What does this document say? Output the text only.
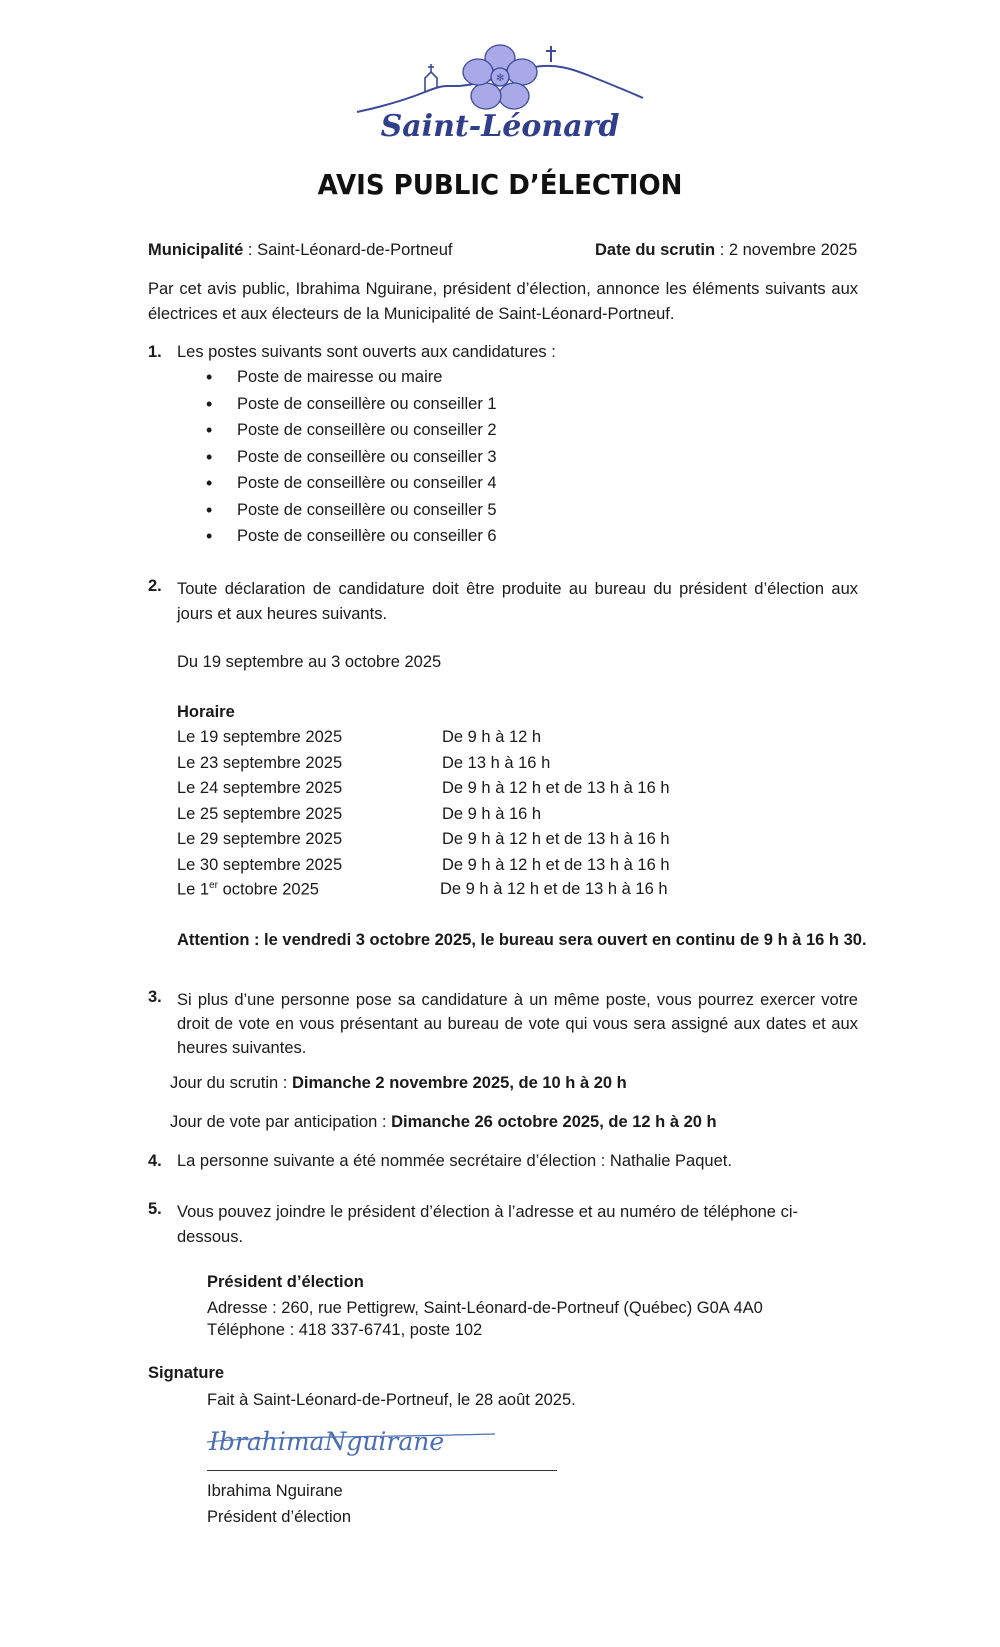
✻
Saint-Léonard
AVIS PUBLIC D’ÉLECTION
Municipalité : Saint-Léonard-de-Portneuf	Date du scrutin : 2 novembre 2025
Par cet avis public, Ibrahima Nguirane, président d’élection, annonce les éléments suivants aux électrices et aux électeurs de la Municipalité de Saint-Léonard-Portneuf.
1. Les postes suivants sont ouverts aux candidatures :
• Poste de mairesse ou maire
• Poste de conseillère ou conseiller 1
• Poste de conseillère ou conseiller 2
• Poste de conseillère ou conseiller 3
• Poste de conseillère ou conseiller 4
• Poste de conseillère ou conseiller 5
• Poste de conseillère ou conseiller 6
2. Toute déclaration de candidature doit être produite au bureau du président d’élection aux jours et aux heures suivants.
Du 19 septembre au 3 octobre 2025
Horaire
Le 19 septembre 2025	De 9 h à 12 h
Le 23 septembre 2025	De 13 h à 16 h
Le 24 septembre 2025	De 9 h à 12 h et de 13 h à 16 h
Le 25 septembre 2025	De 9 h à 16 h
Le 29 septembre 2025	De 9 h à 12 h et de 13 h à 16 h
Le 30 septembre 2025	De 9 h à 12 h et de 13 h à 16 h
Le 1er octobre 2025	De 9 h à 12 h et de 13 h à 16 h
Attention : le vendredi 3 octobre 2025, le bureau sera ouvert en continu de 9 h à 16 h 30.
3. Si plus d’une personne pose sa candidature à un même poste, vous pourrez exercer votre droit de vote en vous présentant au bureau de vote qui vous sera assigné aux dates et aux heures suivantes.
Jour du scrutin : Dimanche 2 novembre 2025, de 10 h à 20 h
Jour de vote par anticipation : Dimanche 26 octobre 2025, de 12 h à 20 h
4. La personne suivante a été nommée secrétaire d’élection : Nathalie Paquet.
5. Vous pouvez joindre le président d’élection à l’adresse et au numéro de téléphone ci-dessous.
Président d’élection
Adresse : 260, rue Pettigrew, Saint-Léonard-de-Portneuf (Québec) G0A 4A0
Téléphone : 418 337-6741, poste 102
Signature
Fait à Saint-Léonard-de-Portneuf, le 28 août 2025.
IbrahimaNguirane
Ibrahima Nguirane
Président d’élection
